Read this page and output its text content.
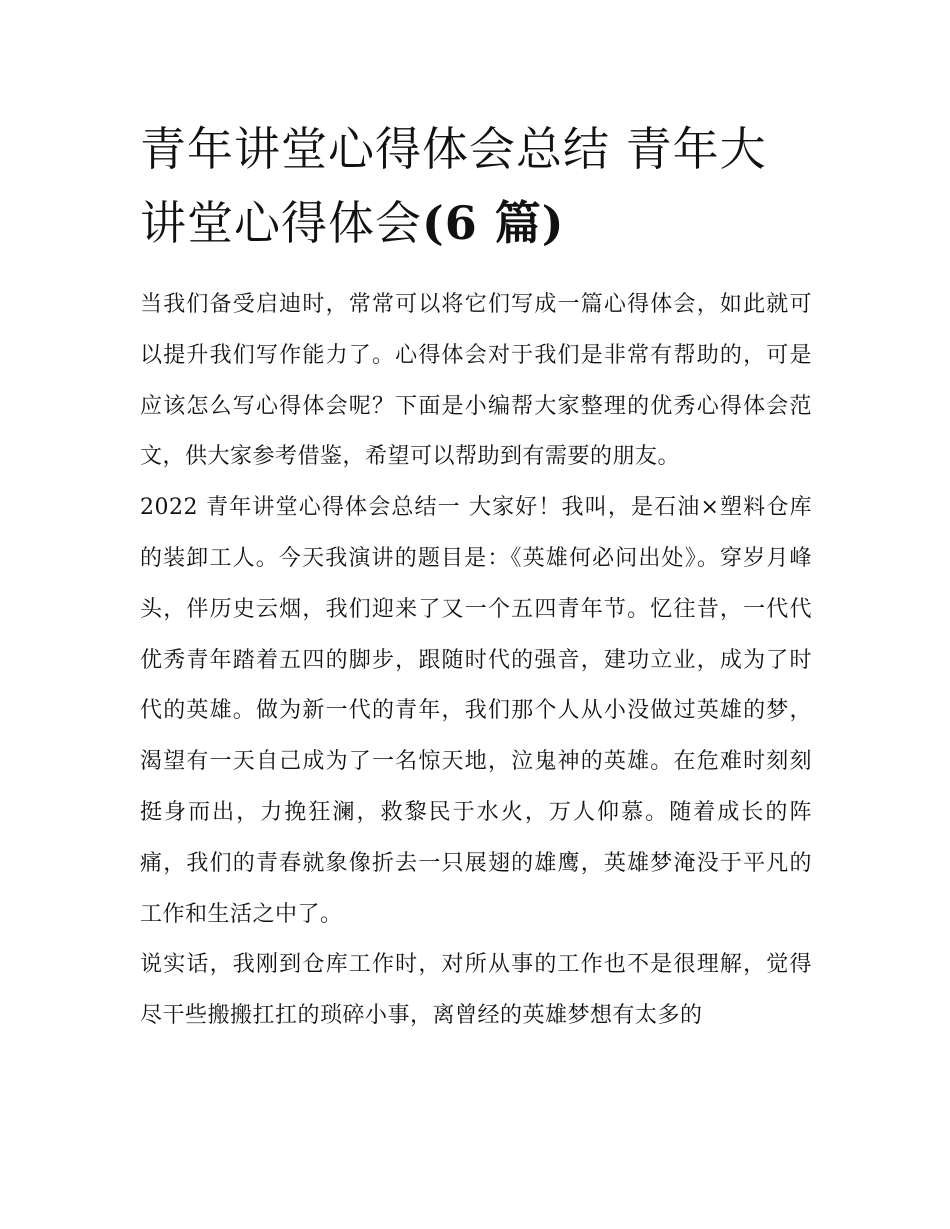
青年讲堂心得体会总结 青年大讲堂心得体会(6 篇)

当我们备受启迪时，常常可以将它们写成一篇心得体会，如此就可以提升我们写作能力了。心得体会对于我们是非常有帮助的，可是应该怎么写心得体会呢？下面是小编帮大家整理的优秀心得体会范文，供大家参考借鉴，希望可以帮助到有需要的朋友。

2022 青年讲堂心得体会总结一 大家好！我叫，是石油×塑料仓库的装卸工人。今天我演讲的题目是：《英雄何必问出处》。穿岁月峰头，伴历史云烟，我们迎来了又一个五四青年节。忆往昔，一代代优秀青年踏着五四的脚步，跟随时代的强音，建功立业，成为了时代的英雄。做为新一代的青年，我们那个人从小没做过英雄的梦，渴望有一天自己成为了一名惊天地，泣鬼神的英雄。在危难时刻刻挺身而出，力挽狂澜，救黎民于水火，万人仰慕。随着成长的阵痛，我们的青春就象像折去一只展翅的雄鹰，英雄梦淹没于平凡的工作和生活之中了。

说实话，我刚到仓库工作时，对所从事的工作也不是很理解，觉得尽干些搬搬扛扛的琐碎小事，离曾经的英雄梦想有太多的
